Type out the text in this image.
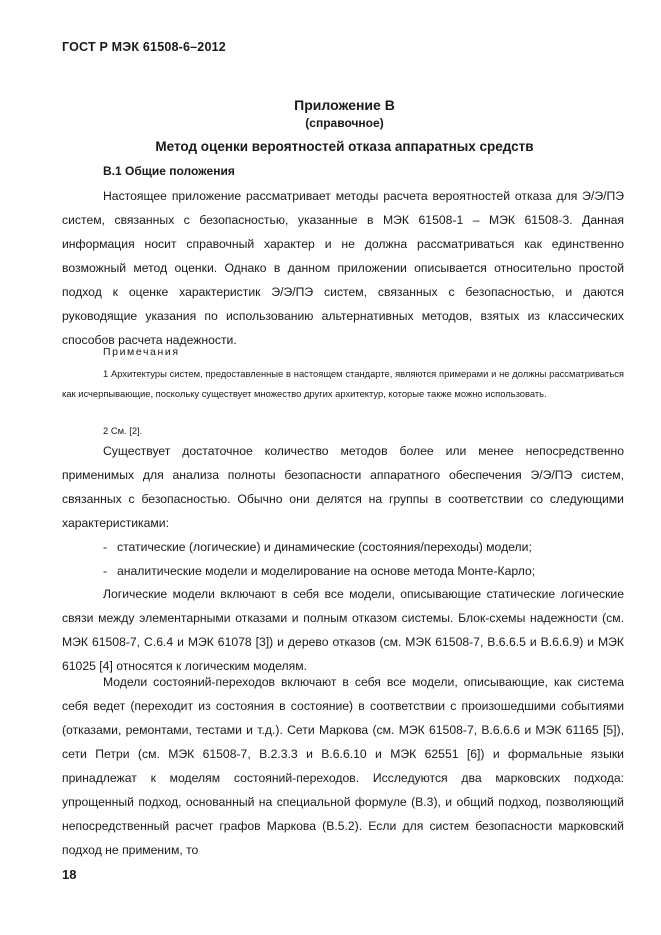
ГОСТ Р МЭК 61508-6–2012
Приложение В
(справочное)
Метод оценки вероятностей отказа аппаратных средств
В.1 Общие положения

Настоящее приложение рассматривает методы расчета вероятностей отказа для Э/Э/ПЭ систем, связанных с безопасностью, указанные в МЭК 61508-1 – МЭК 61508-3. Данная информация носит справочный характер и не должна рассматриваться как единственно возможный метод оценки. Однако в данном приложении описывается относительно простой подход к оценке характеристик Э/Э/ПЭ систем, связанных с безопасностью, и даются руководящие указания по использованию альтернативных методов, взятых из классических способов расчета надежности.

Примечания

1 Архитектуры систем, предоставленные в настоящем стандарте, являются примерами и не должны рассматриваться как исчерпывающие, поскольку существует множество других архитектур, которые также можно использовать.

2 См. [2].

Существует достаточное количество методов более или менее непосредственно применимых для анализа полноты безопасности аппаратного обеспечения Э/Э/ПЭ систем, связанных с безопасностью. Обычно они делятся на группы в соответствии со следующими характеристиками:

- статические (логические) и динамические (состояния/переходы) модели;
- аналитические модели и моделирование на основе метода Монте-Карло;

Логические модели включают в себя все модели, описывающие статические логические связи между элементарными отказами и полным отказом системы. Блок-схемы надежности (см. МЭК 61508-7, С.6.4 и МЭК 61078 [3]) и дерево отказов (см. МЭК 61508-7, В.6.6.5 и В.6.6.9) и МЭК 61025 [4] относятся к логическим моделям.

Модели состояний-переходов включают в себя все модели, описывающие, как система себя ведет (переходит из состояния в состояние) в соответствии с произошедшими событиями (отказами, ремонтами, тестами и т.д.). Сети Маркова (см. МЭК 61508-7, В.6.6.6 и МЭК 61165 [5]), сети Петри (см. МЭК 61508-7, В.2.3.3 и В.6.6.10 и МЭК 62551 [6]) и формальные языки принадлежат к моделям состояний-переходов. Исследуются два марковских подхода: упрощенный подход, основанный на специальной формуле (В.3), и общий подход, позволяющий непосредственный расчет графов Маркова (В.5.2). Если для систем безопасности марковский подход не применим, то

18
